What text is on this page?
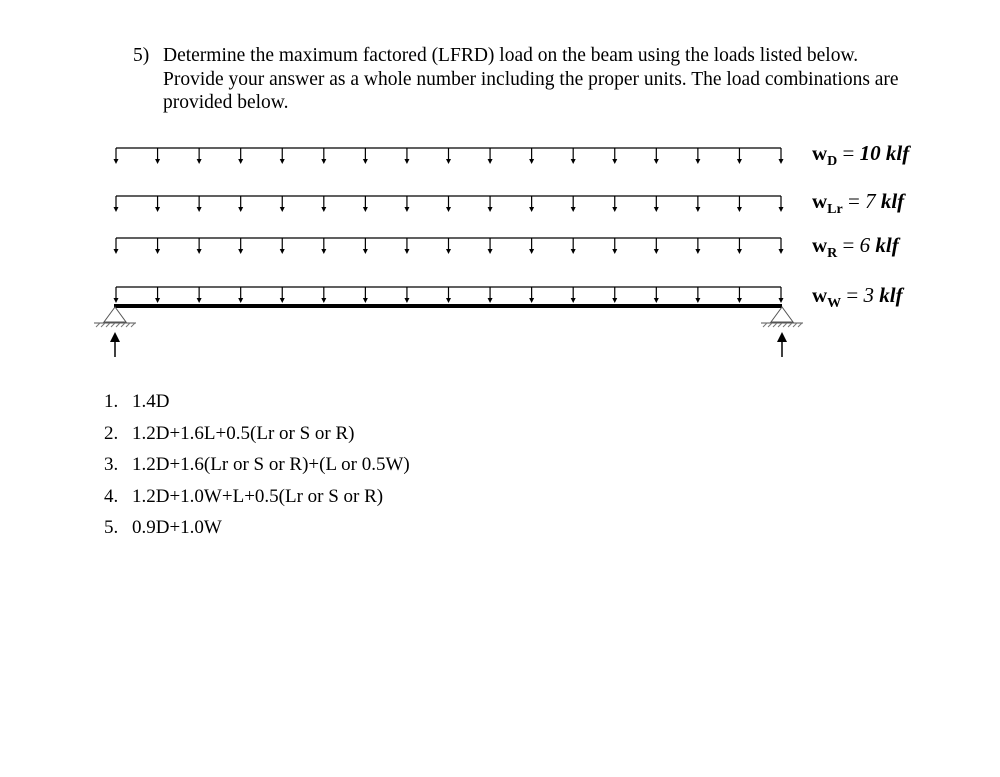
5) Determine the maximum factored (LFRD) load on the beam using the loads listed below. Provide your answer as a whole number including the proper units. The load combinations are provided below.
$w_D = 10$ klf
$w_{Lr} = 7$ klf
$w_R = 6$ klf
$w_W = 3$ klf
1. 1.4D
2. 1.2D+1.6L+0.5(Lr or S or R)
3. 1.2D+1.6(Lr or S or R)+(L or 0.5W)
4. 1.2D+1.0W+L+0.5(Lr or S or R)
5. 0.9D+1.0W
